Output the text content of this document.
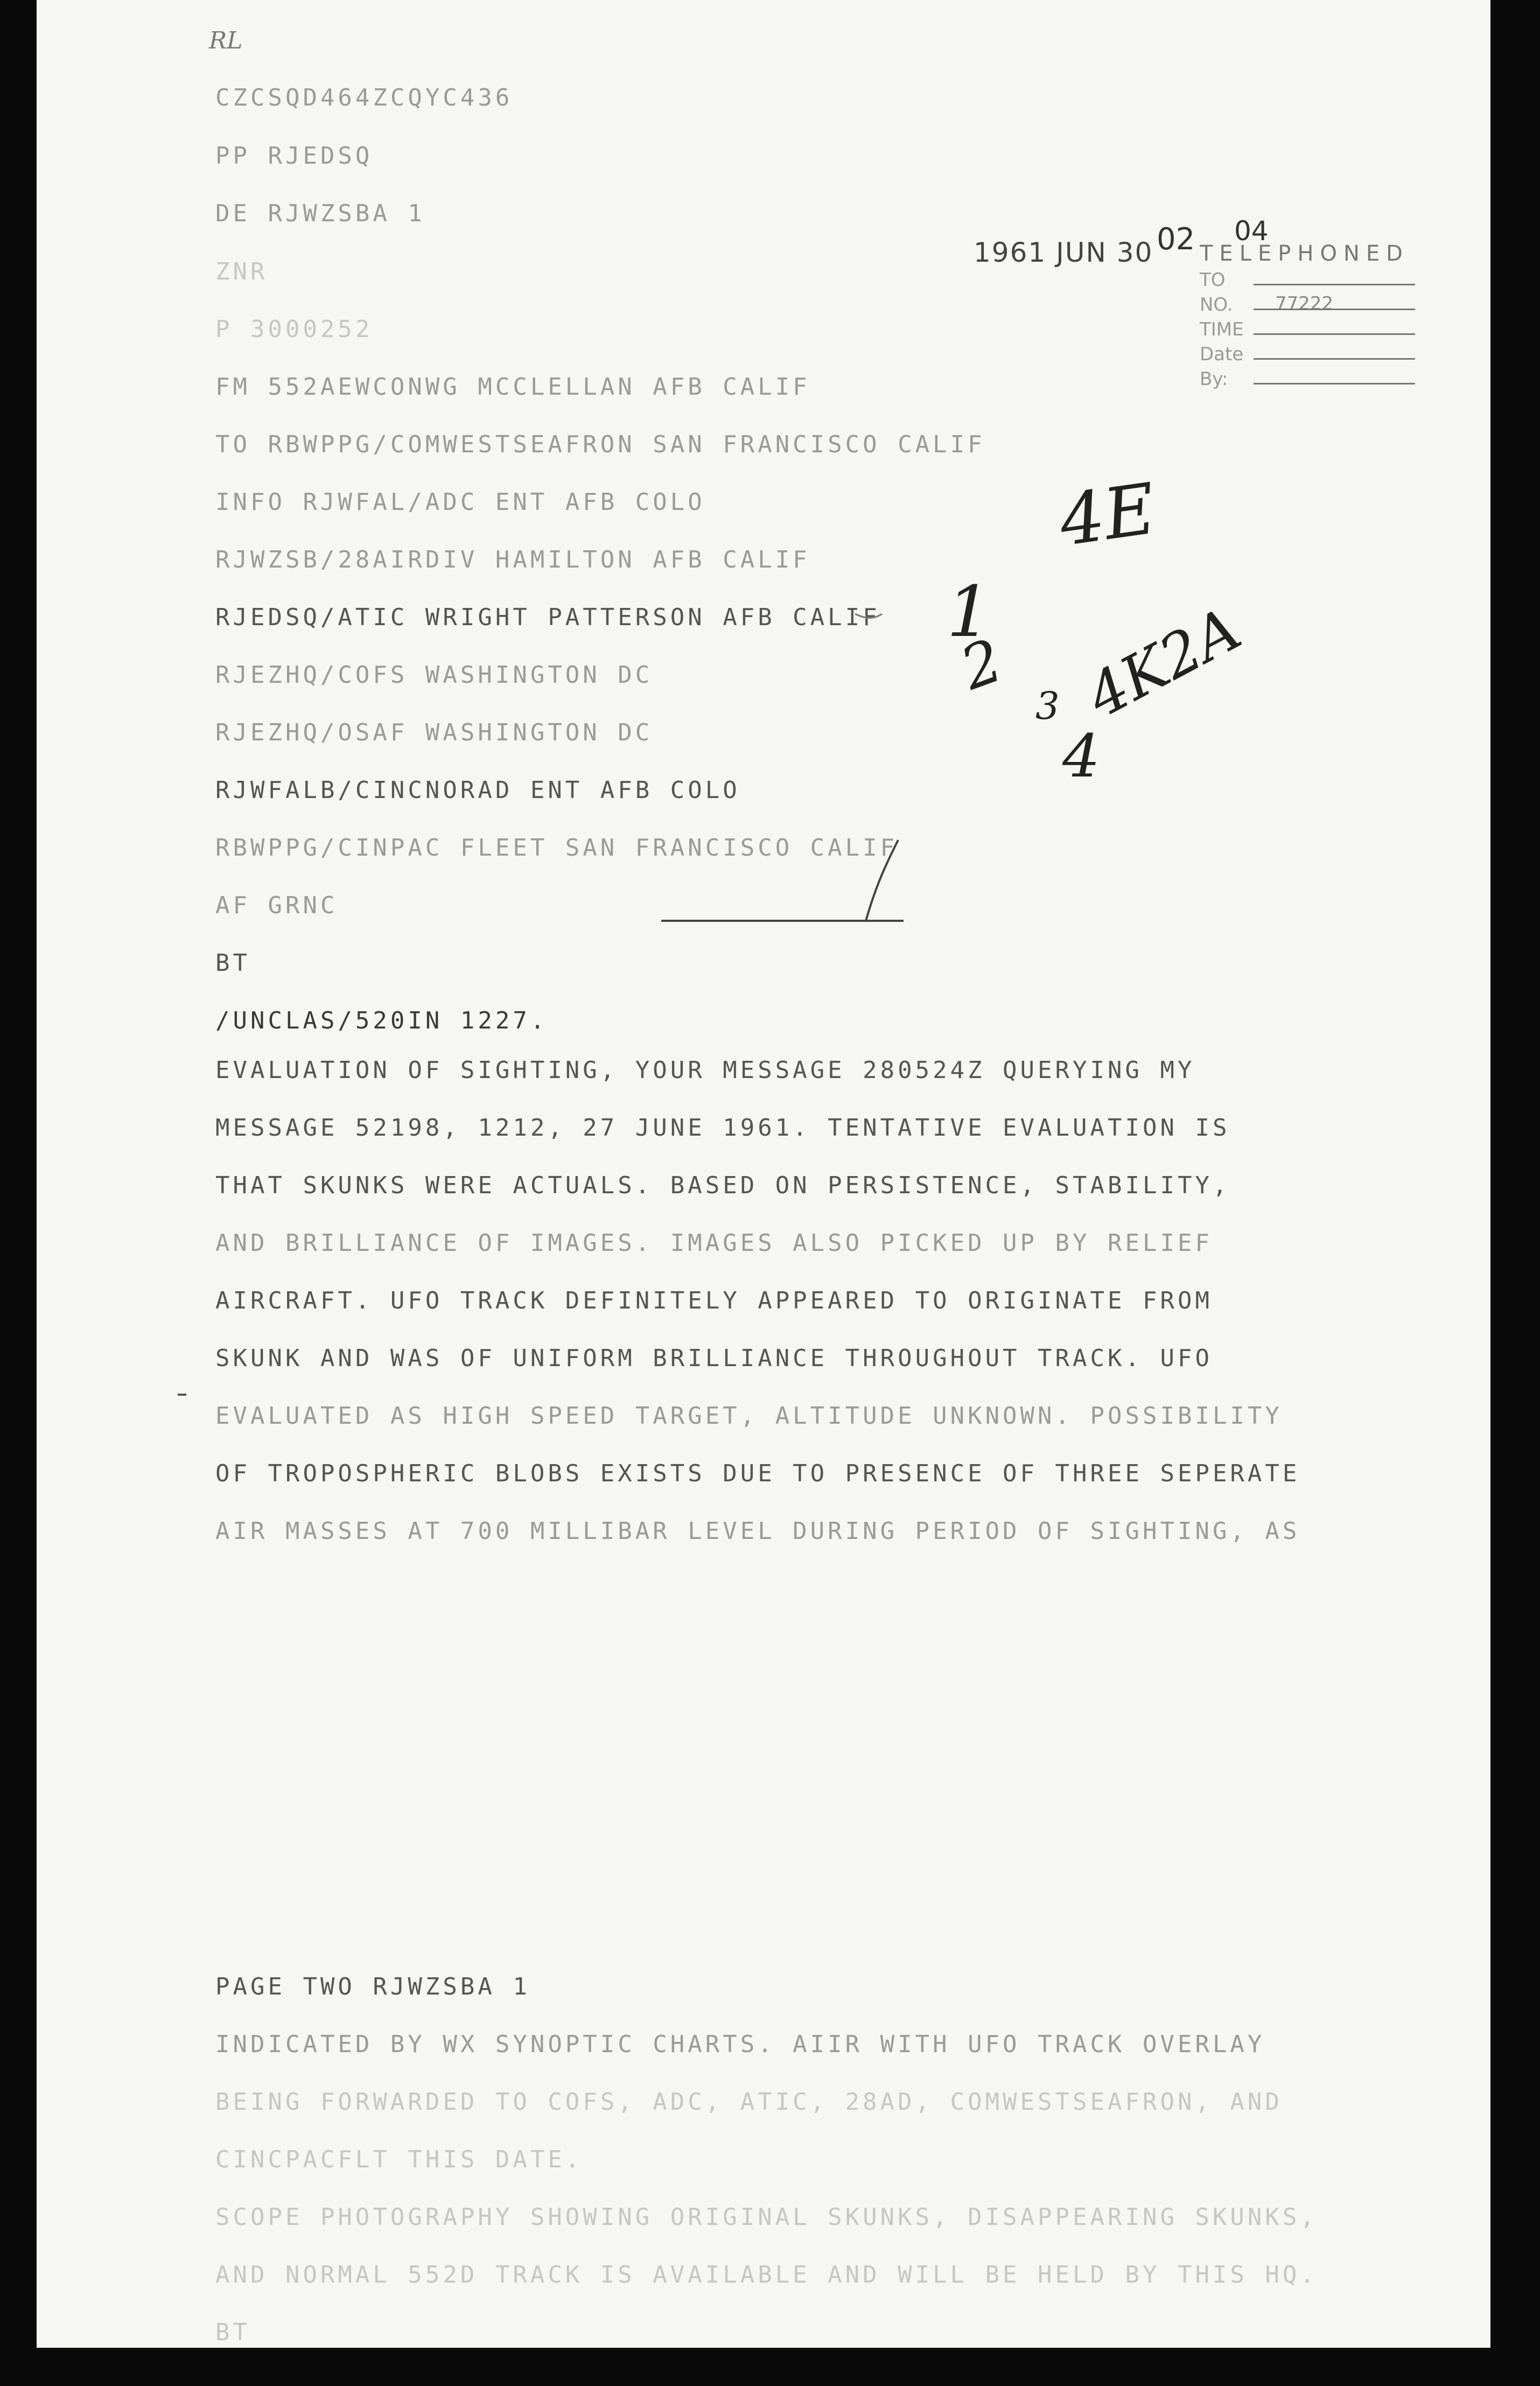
RL
CZCSQD464ZCQYC436
PP RJEDSQ
DE RJWZSBA 1
ZNR
P 3000252
FM 552AEWCONWG MCCLELLAN AFB CALIF
TO RBWPPG/COMWESTSEAFRON SAN FRANCISCO CALIF
INFO RJWFAL/ADC ENT AFB COLO
RJWZSB/28AIRDIV HAMILTON AFB CALIF
RJEDSQ/ATIC WRIGHT PATTERSON AFB CALIF
RJEZHQ/COFS WASHINGTON DC
RJEZHQ/OSAF WASHINGTON DC
RJWFALB/CINCNORAD ENT AFB COLO
RBWPPG/CINPAC FLEET SAN FRANCISCO CALIF
AF GRNC
BT
/UNCLAS/520IN 1227.
EVALUATION OF SIGHTING, YOUR MESSAGE 280524Z QUERYING MY
MESSAGE 52198, 1212, 27 JUNE 1961. TENTATIVE EVALUATION IS
THAT SKUNKS WERE ACTUALS. BASED ON PERSISTENCE, STABILITY,
AND BRILLIANCE OF IMAGES. IMAGES ALSO PICKED UP BY RELIEF
AIRCRAFT. UFO TRACK DEFINITELY APPEARED TO ORIGINATE FROM
SKUNK AND WAS OF UNIFORM BRILLIANCE THROUGHOUT TRACK. UFO
EVALUATED AS HIGH SPEED TARGET, ALTITUDE UNKNOWN. POSSIBILITY
OF TROPOSPHERIC BLOBS EXISTS DUE TO PRESENCE OF THREE SEPERATE
AIR MASSES AT 700 MILLIBAR LEVEL DURING PERIOD OF SIGHTING, AS
PAGE TWO RJWZSBA 1
INDICATED BY WX SYNOPTIC CHARTS. AIIR WITH UFO TRACK OVERLAY
BEING FORWARDED TO COFS, ADC, ATIC, 28AD, COMWESTSEAFRON, AND
CINCPACFLT THIS DATE.
SCOPE PHOTOGRAPHY SHOWING ORIGINAL SKUNKS, DISAPPEARING SKUNKS,
AND NORMAL 552D TRACK IS AVAILABLE AND WILL BE HELD BY THIS HQ.
BT
1961 JUN 30 02 04
TELEPHONED
TO
NO. 77222
TIME
Date
By:
4E
1
2
3
4
4K2A
